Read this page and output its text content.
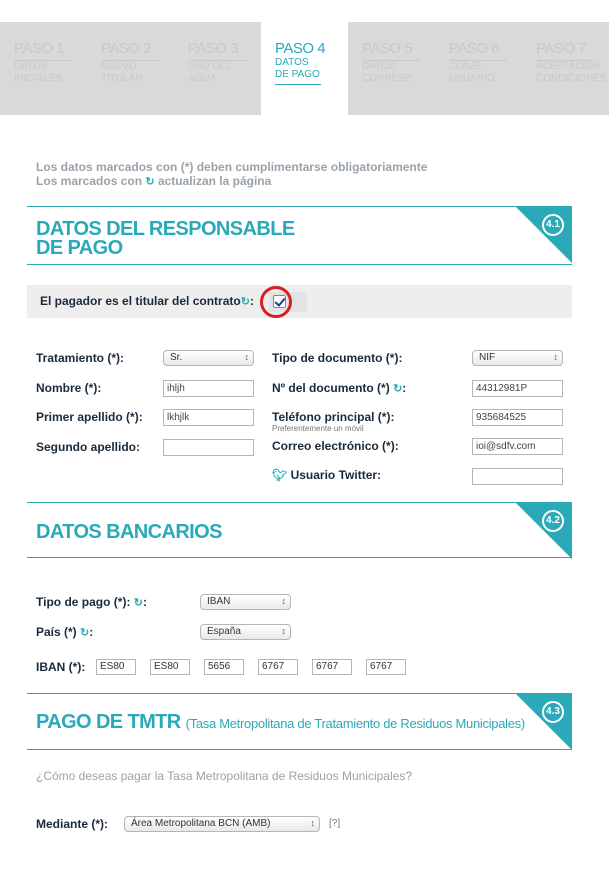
PASO 1
DATOS
INICIALES
PASO 2
NUEVO
TITULAR
PASO 3
USO DEL
AGUA
PASO 4
DATOS
DE PAGO
PASO 5
DATOS
CORRESP.
PASO 6
CLAVE
USUARIO
PASO 7
ACEPTACIÓN
CONDICIONES
Los datos marcados con (*) deben cumplimentarse obligatoriamente
Los marcados con ↻ actualizan la página
DATOS DEL RESPONSABLE
DE PAGO
4.1
El pagador es el titular del contrato↻:
Tratamiento (*):	Sr. ↕
Nombre (*):	ihljh
Primer apellido (*):	lkhjlk
Segundo apellido:
Tipo de documento (*):	NIF ↕
Nº del documento (*) ↻:	44312981P
Teléfono principal (*):
Preferentemente un móvil
935684525
Correo electrónico (*):	ioi@sdfv.com
🐦︎ Usuario Twitter:
DATOS BANCARIOS
4.2
Tipo de pago (*): ↻:	IBAN ↕
País (*) ↻:	España ↕
IBAN (*):	ES80	ES80	5656	6767	6767	6767
PAGO DE TMTR (Tasa Metropolitana de Tratamiento de Residuos Municipales)
4.3
¿Cómo deseas pagar la Tasa Metropolitana de Residuos Municipales?
Mediante (*):	Área Metropolitana BCN (AMB) ↕	[?]
